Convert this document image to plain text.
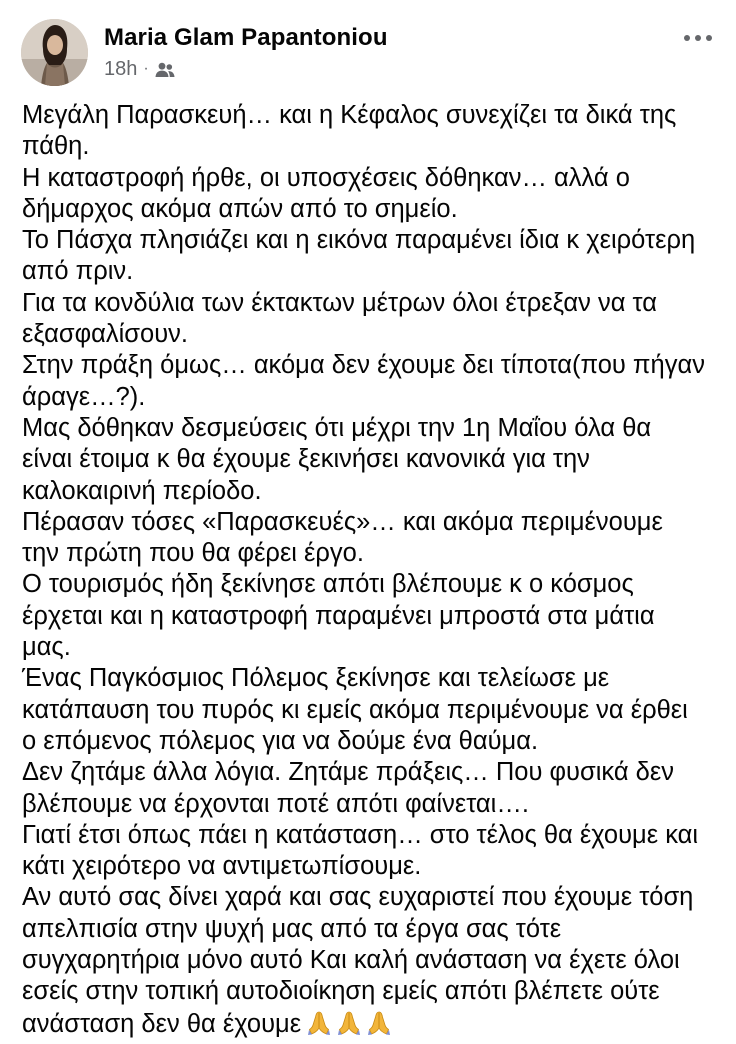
Maria Glam Papantoniou
18h ·
Μεγάλη Παρασκευή… και η Κέφαλος συνεχίζει τα δικά της
πάθη.
Η καταστροφή ήρθε, οι υποσχέσεις δόθηκαν… αλλά ο
δήμαρχος ακόμα απών από το σημείο.
Το Πάσχα πλησιάζει και η εικόνα παραμένει ίδια κ χειρότερη
από πριν.
Για τα κονδύλια των έκτακτων μέτρων όλοι έτρεξαν να τα
εξασφαλίσουν.
Στην πράξη όμως… ακόμα δεν έχουμε δει τίποτα(που πήγαν
άραγε…?).
Μας δόθηκαν δεσμεύσεις ότι μέχρι την 1η Μαΐου όλα θα
είναι έτοιμα κ θα έχουμε ξεκινήσει κανονικά για την
καλοκαιρινή περίοδο.
Πέρασαν τόσες «Παρασκευές»… και ακόμα περιμένουμε
την πρώτη που θα φέρει έργο.
Ο τουρισμός ήδη ξεκίνησε απότι βλέπουμε κ ο κόσμος
έρχεται και η καταστροφή παραμένει μπροστά στα μάτια
μας.
Ένας Παγκόσμιος Πόλεμος ξεκίνησε και τελείωσε με
κατάπαυση του πυρός κι εμείς ακόμα περιμένουμε να έρθει
ο επόμενος πόλεμος για να δούμε ένα θαύμα.
Δεν ζητάμε άλλα λόγια. Ζητάμε πράξεις… Που φυσικά δεν
βλέπουμε να έρχονται ποτέ απότι φαίνεται….
Γιατί έτσι όπως πάει η κατάσταση… στο τέλος θα έχουμε και
κάτι χειρότερο να αντιμετωπίσουμε.
Αν αυτό σας δίνει χαρά και σας ευχαριστεί που έχουμε τόση
απελπισία στην ψυχή μας από τα έργα σας τότε
συγχαρητήρια μόνο αυτό Και καλή ανάσταση να έχετε όλοι
εσείς στην τοπική αυτοδιοίκηση εμείς απότι βλέπετε ούτε
ανάσταση δεν θα έχουμε
